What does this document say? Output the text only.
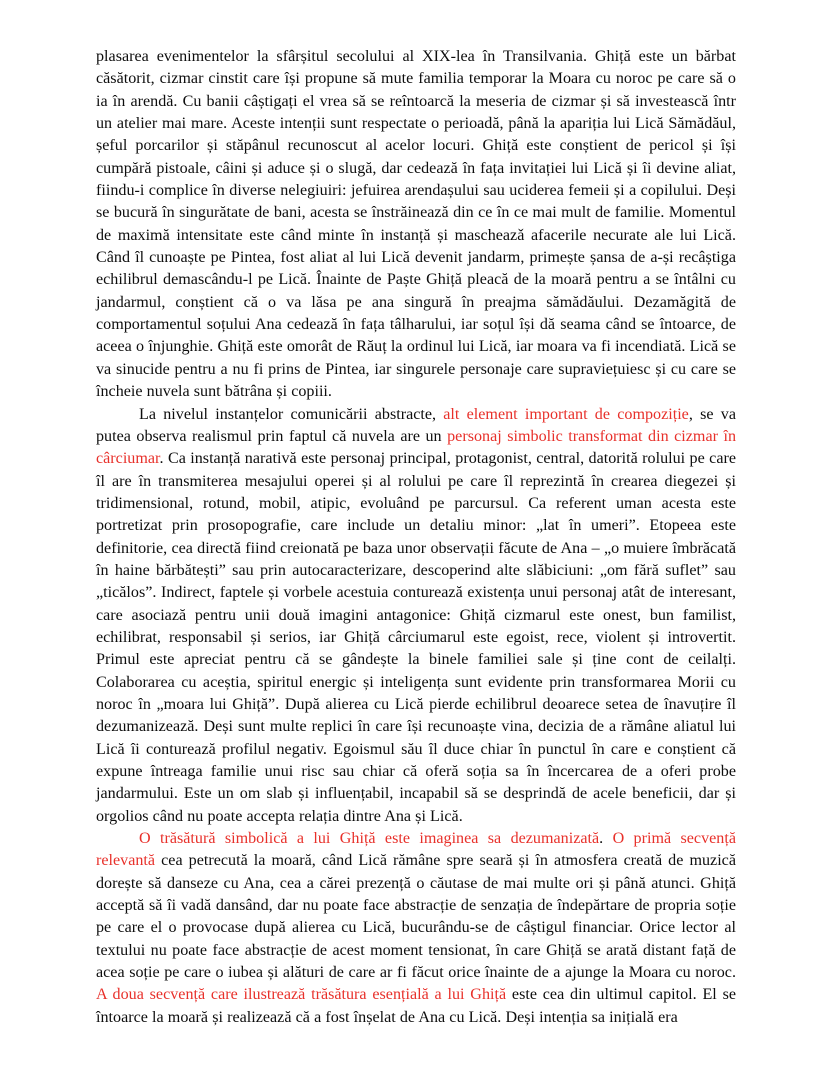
plasarea evenimentelor la sfârșitul secolului al XIX-lea în Transilvania. Ghiță este un bărbat căsătorit, cizmar cinstit care își propune să mute familia temporar la Moara cu noroc pe care să o ia în arendă. Cu banii câștigați el vrea să se reîntoarcă la meseria de cizmar și să investească într un atelier mai mare. Aceste intenții sunt respectate o perioadă, până la apariția lui Lică Sămădăul, șeful porcarilor și stăpânul recunoscut al acelor locuri. Ghiță este conștient de pericol și își cumpără pistoale, câini și aduce și o slugă, dar cedează în fața invitației lui Lică și îi devine aliat, fiindu-i complice în diverse nelegiuiri: jefuirea arendașului sau uciderea femeii și a copilului. Deși se bucură în singurătate de bani, acesta se înstrăinează din ce în ce mai mult de familie. Momentul de maximă intensitate este când minte în instanță și mascheazǎ afacerile necurate ale lui Lică. Când îl cunoaște pe Pintea, fost aliat al lui Lică devenit jandarm, primește șansa de a-și recâștiga echilibrul demascându-l pe Lică. Înainte de Paște Ghiță pleacă de la moară pentru a se întâlni cu jandarmul, conștient că o va lăsa pe ana singură în preajma sămădăului. Dezamăgită de comportamentul soțului Ana cedează în fața tâlharului, iar soțul își dă seama când se întoarce, de aceea o înjunghie. Ghiță este omorât de Răuț la ordinul lui Lică, iar moara va fi incendiată. Lică se va sinucide pentru a nu fi prins de Pintea, iar singurele personaje care supraviețuiesc și cu care se încheie nuvela sunt bătrâna și copiii.

La nivelul instanțelor comunicării abstracte, alt element important de compoziție, se va putea observa realismul prin faptul că nuvela are un personaj simbolic transformat din cizmar în cârciumar. Ca instanță narativă este personaj principal, protagonist, central, datorită rolului pe care îl are în transmiterea mesajului operei și al rolului pe care îl reprezintă în crearea diegezei și tridimensional, rotund, mobil, atipic, evoluând pe parcursul. Ca referent uman acesta este portretizat prin prosopografie, care include un detaliu minor: „lat în umeri”. Etopeea este definitorie, cea directă fiind creionată pe baza unor observații făcute de Ana – „o muiere îmbrăcată în haine bărbătești” sau prin autocaracterizare, descoperind alte slăbiciuni: „om fără suflet” sau „ticălos”. Indirect, faptele și vorbele acestuia conturează existența unui personaj atât de interesant, care asociază pentru unii două imagini antagonice: Ghiță cizmarul este onest, bun familist, echilibrat, responsabil și serios, iar Ghiță cârciumarul este egoist, rece, violent și introvertit. Primul este apreciat pentru că se gândește la binele familiei sale și ține cont de ceilalți. Colaborarea cu aceștia, spiritul energic și inteligența sunt evidente prin transformarea Morii cu noroc în „moara lui Ghiță”. După alierea cu Lică pierde echilibrul deoarece setea de înavuțire îl dezumanizează. Deși sunt multe replici în care își recunoaște vina, decizia de a rămâne aliatul lui Lică îi conturează profilul negativ. Egoismul său îl duce chiar în punctul în care e conștient că expune întreaga familie unui risc sau chiar că oferă soția sa în încercarea de a oferi probe jandarmului. Este un om slab și influențabil, incapabil să se desprindă de acele beneficii, dar și orgolios când nu poate accepta relația dintre Ana și Lică.

O trăsătură simbolică a lui Ghiță este imaginea sa dezumanizată. O primă secvență relevantă cea petrecută la moară, când Lică rămâne spre seară și în atmosfera creată de muzică dorește să danseze cu Ana, cea a cărei prezență o căutase de mai multe ori și până atunci. Ghiță acceptă să îi vadă dansând, dar nu poate face abstracție de senzația de îndepărtare de propria soție pe care el o provocase după alierea cu Lică, bucurându-se de câștigul financiar. Orice lector al textului nu poate face abstracție de acest moment tensionat, în care Ghiță se arată distant față de acea soție pe care o iubea și alături de care ar fi făcut orice înainte de a ajunge la Moara cu noroc. A doua secvență care ilustrează trăsătura esențială a lui Ghiță este cea din ultimul capitol. El se întoarce la moară și realizează că a fost înșelat de Ana cu Lică. Deși intenția sa inițială era
